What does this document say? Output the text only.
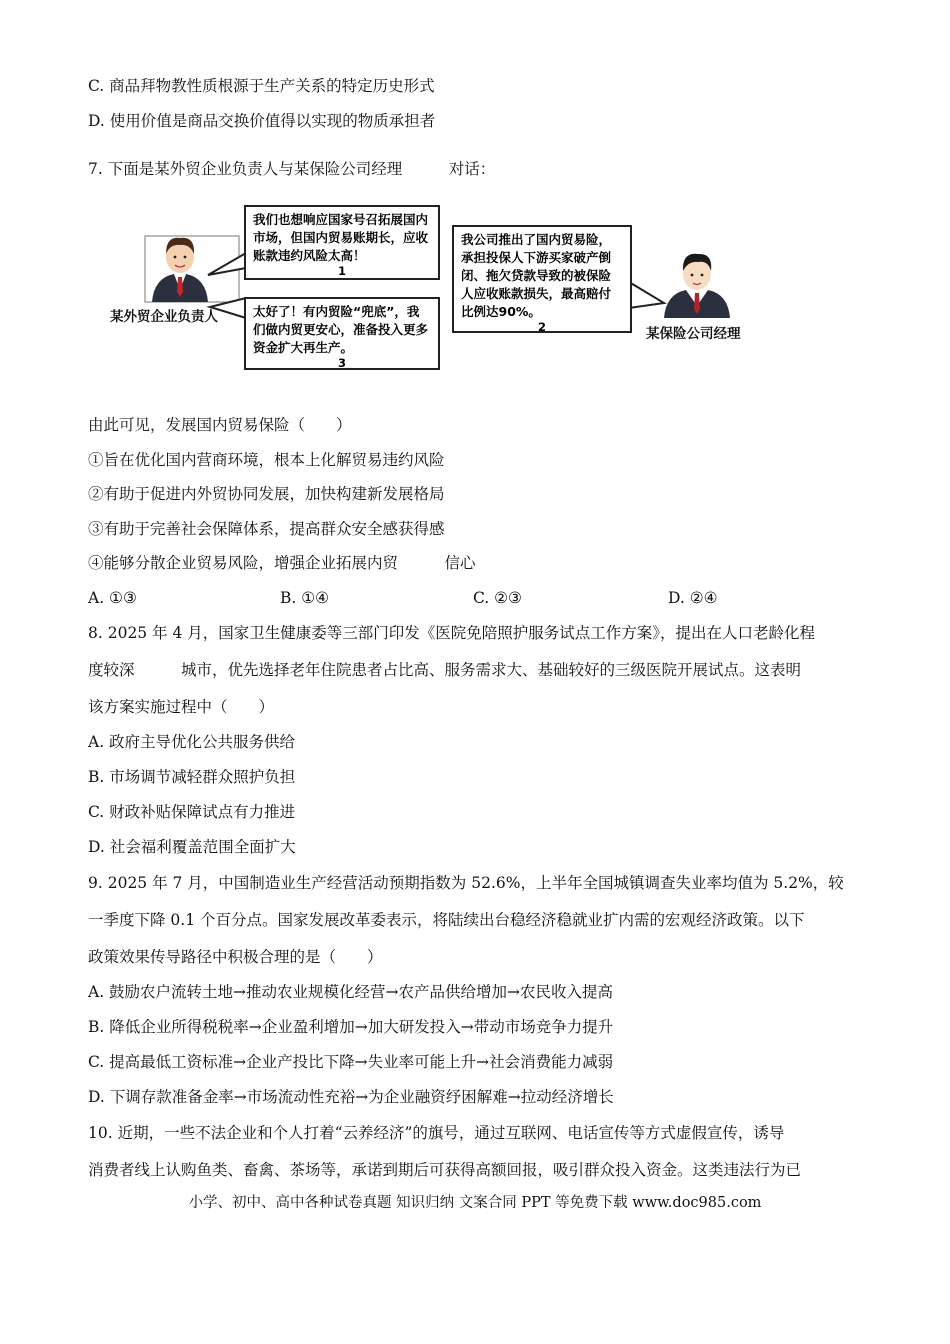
C. 商品拜物教性质根源于生产关系的特定历史形式
D. 使用价值是商品交换价值得以实现的物质承担者
7. 下面是某外贸企业负责人与某保险公司经理　　　对话：
我们也想响应国家号召拓展国内市场，但国内贸易账期长，应收账款违约风险太高！
1
我公司推出了国内贸易险，承担投保人下游买家破产倒闭、拖欠贷款导致的被保险人应收账款损失，最高赔付比例达90%。
2
太好了！有内贸险“兜底”，我们做内贸更安心，准备投入更多资金扩大再生产。
3
某外贸企业负责人
某保险公司经理
由此可见，发展国内贸易保险（　　）
①旨在优化国内营商环境，根本上化解贸易违约风险
②有助于促进内外贸协同发展，加快构建新发展格局
③有助于完善社会保障体系，提高群众安全感获得感
④能够分散企业贸易风险，增强企业拓展内贸　　　信心
A. ①③	B. ①④	C. ②③	D. ②④
8. 2025 年 4 月，国家卫生健康委等三部门印发《医院免陪照护服务试点工作方案》，提出在人口老龄化程
度较深　　　城市，优先选择老年住院患者占比高、服务需求大、基础较好的三级医院开展试点。这表明
该方案实施过程中（　　）
A. 政府主导优化公共服务供给
B. 市场调节减轻群众照护负担
C. 财政补贴保障试点有力推进
D. 社会福利覆盖范围全面扩大
9. 2025 年 7 月，中国制造业生产经营活动预期指数为 52.6%，上半年全国城镇调查失业率均值为 5.2%，较
一季度下降 0.1 个百分点。国家发展改革委表示，将陆续出台稳经济稳就业扩内需的宏观经济政策。以下
政策效果传导路径中积极合理的是（　　）
A. 鼓励农户流转土地→推动农业规模化经营→农产品供给增加→农民收入提高
B. 降低企业所得税税率→企业盈利增加→加大研发投入→带动市场竞争力提升
C. 提高最低工资标准→企业产投比下降→失业率可能上升→社会消费能力减弱
D. 下调存款准备金率→市场流动性充裕→为企业融资纾困解难→拉动经济增长
10. 近期，一些不法企业和个人打着“云养经济”的旗号，通过互联网、电话宣传等方式虚假宣传，诱导
消费者线上认购鱼类、畜禽、茶场等，承诺到期后可获得高额回报，吸引群众投入资金。这类违法行为已
小学、初中、高中各种试卷真题 知识归纳 文案合同 PPT 等免费下载 www.doc985.com
